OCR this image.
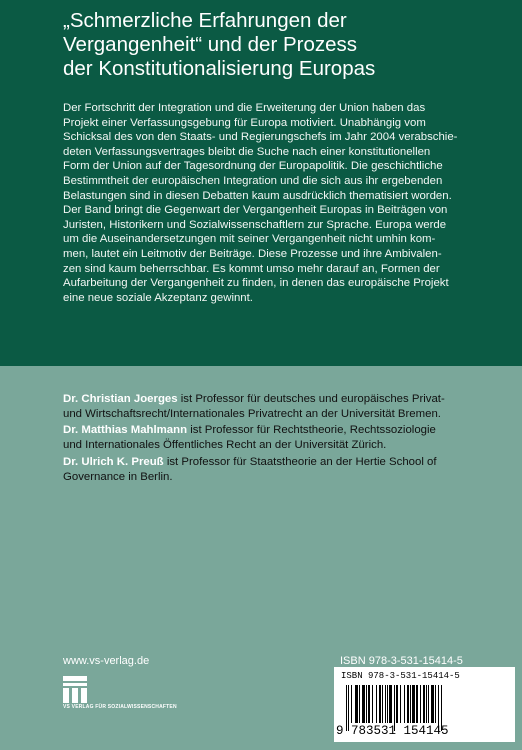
„Schmerzliche Erfahrungen der
Vergangenheit“ und der Prozess
der Konstitutionalisierung Europas
Der Fortschritt der Integration und die Erweiterung der Union haben das
Projekt einer Verfassungsgebung für Europa motiviert. Unabhängig vom
Schicksal des von den Staats- und Regierungschefs im Jahr 2004 verabschie-
deten Verfassungsvertrages bleibt die Suche nach einer konstitutionellen
Form der Union auf der Tagesordnung der Europapolitik. Die geschichtliche
Bestimmtheit der europäischen Integration und die sich aus ihr ergebenden
Belastungen sind in diesen Debatten kaum ausdrücklich thematisiert worden.
Der Band bringt die Gegenwart der Vergangenheit Europas in Beiträgen von
Juristen, Historikern und Sozialwissenschaftlern zur Sprache. Europa werde
um die Auseinandersetzungen mit seiner Vergangenheit nicht umhin kom-
men, lautet ein Leitmotiv der Beiträge. Diese Prozesse und ihre Ambivalen-
zen sind kaum beherrschbar. Es kommt umso mehr darauf an, Formen der
Aufarbeitung der Vergangenheit zu finden, in denen das europäische Projekt
eine neue soziale Akzeptanz gewinnt.
Dr. Christian Joerges ist Professor für deutsches und europäisches Privat-
und Wirtschaftsrecht/Internationales Privatrecht an der Universität Bremen.
Dr. Matthias Mahlmann ist Professor für Rechtstheorie, Rechtssoziologie
und Internationales Öffentliches Recht an der Universität Zürich.
Dr. Ulrich K. Preuß ist Professor für Staatstheorie an der Hertie School of
Governance in Berlin.
www.vs-verlag.de
VS VERLAG FÜR SOZIALWISSENSCHAFTEN
ISBN 978-3-531-15414-5
ISBN 978-3-531-15414-5
9 783531 154145
